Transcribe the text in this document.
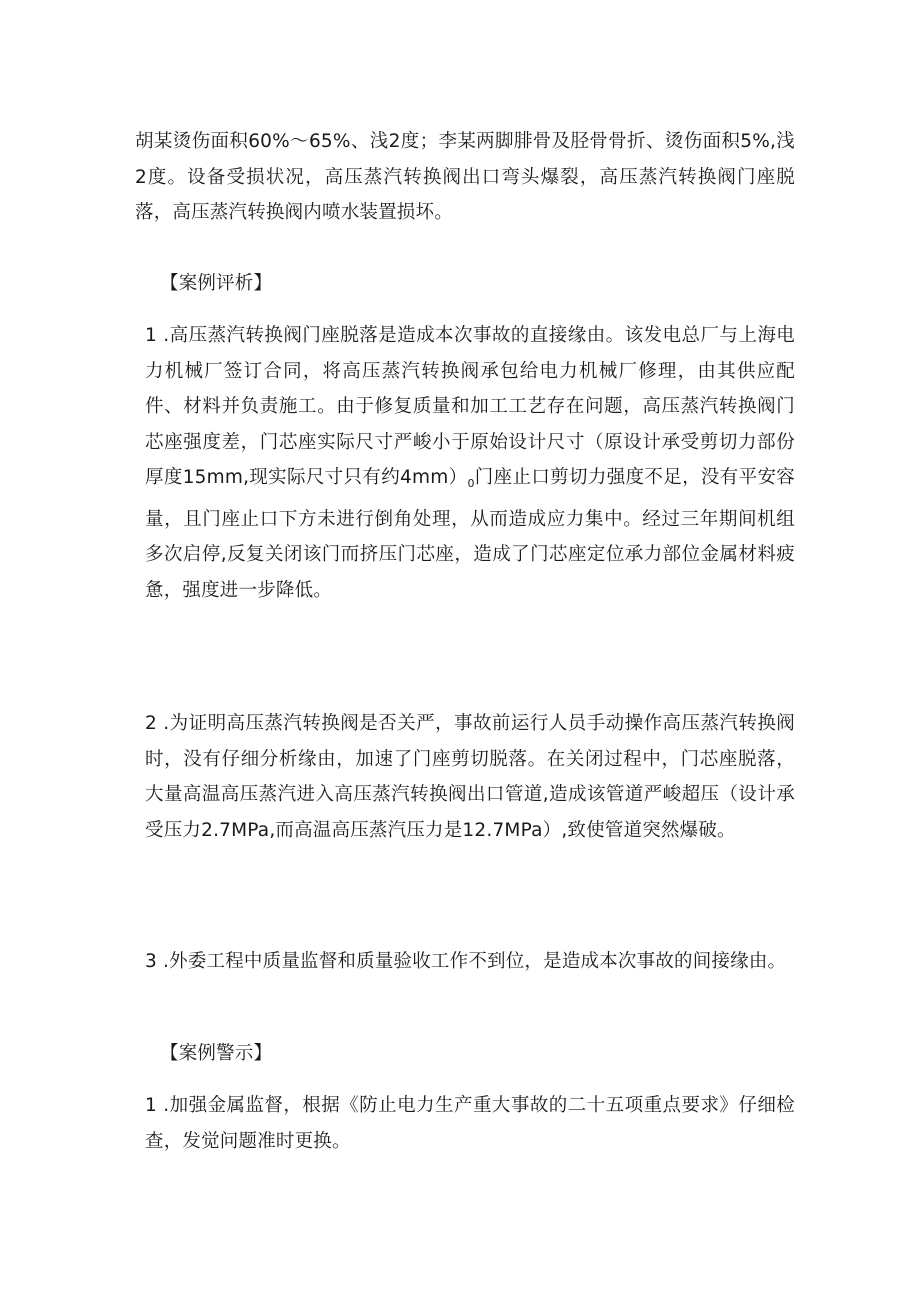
胡某烫伤面积60%～65%、浅2度；李某两脚腓骨及胫骨骨折、烫伤面积5%,浅2度。设备受损状况，高压蒸汽转换阀出口弯头爆裂，高压蒸汽转换阀门座脱落，高压蒸汽转换阀内喷水装置损坏。

【案例评析】

1 .高压蒸汽转换阀门座脱落是造成本次事故的直接缘由。该发电总厂与上海电力机械厂签订合同，将高压蒸汽转换阀承包给电力机械厂修理，由其供应配件、材料并负责施工。由于修复质量和加工工艺存在问题，高压蒸汽转换阀门芯座强度差，门芯座实际尺寸严峻小于原始设计尺寸（原设计承受剪切力部份厚度15mm,现实际尺寸只有约$4mm)_0$门座止口剪切力强度不足，没有平安容量，且门座止口下方未进行倒角处理，从而造成应力集中。经过三年期间机组多次启停,反复关闭该门而挤压门芯座，造成了门芯座定位承力部位金属材料疲惫，强度进一步降低。

2 .为证明高压蒸汽转换阀是否关严，事故前运行人员手动操作高压蒸汽转换阀时，没有仔细分析缘由，加速了门座剪切脱落。在关闭过程中，门芯座脱落，大量高温高压蒸汽进入高压蒸汽转换阀出口管道,造成该管道严峻超压（设计承受压力2.7MPa,而高温高压蒸汽压力是12.7MPa）,致使管道突然爆破。

3 .外委工程中质量监督和质量验收工作不到位，是造成本次事故的间接缘由。

【案例警示】

1 .加强金属监督，根据《防止电力生产重大事故的二十五项重点要求》仔细检查，发觉问题准时更换。
